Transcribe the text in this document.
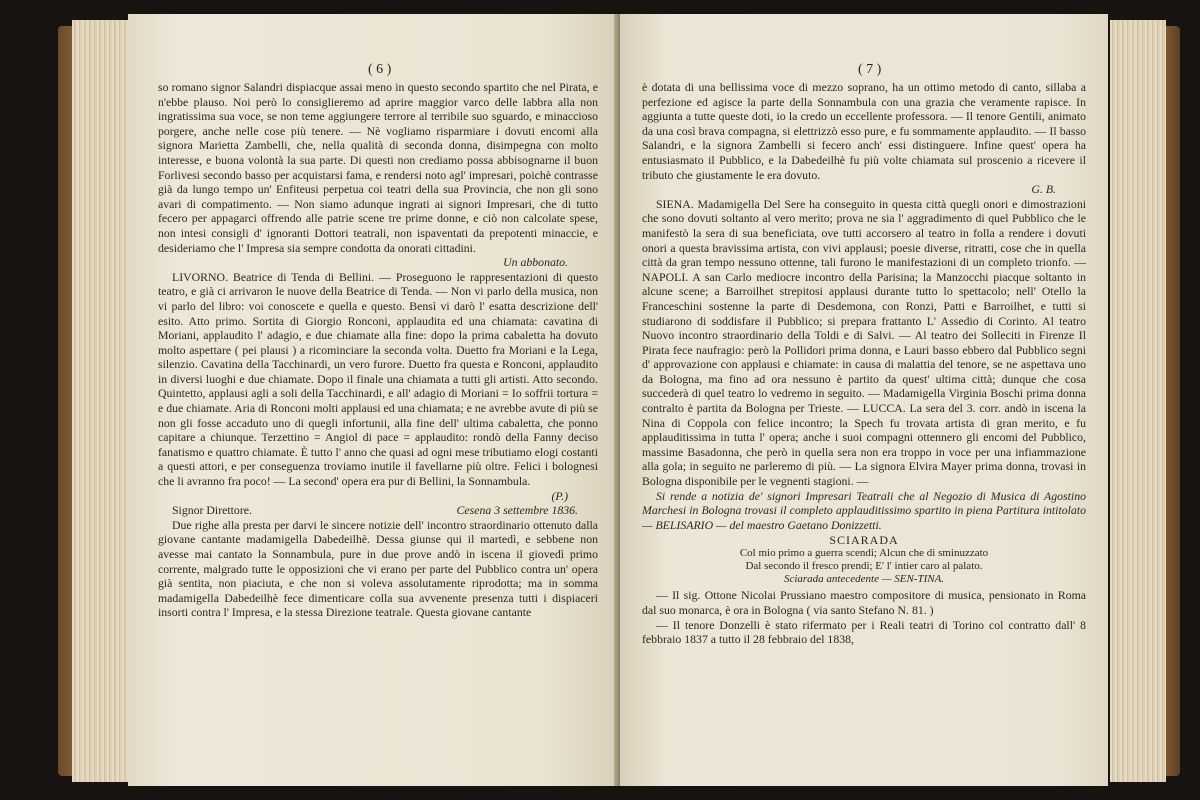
( 6 )

so romano signor Salandri dispiacque assai meno in questo secondo spartito che nel Pirata, e n'ebbe plauso. Noi però lo consiglieremo ad aprire maggior varco delle labbra alla non ingratissima sua voce, se non teme aggiungere terrore al terribile suo sguardo, e minaccioso porgere, anche nelle cose più tenere. — Nè vogliamo risparmiare i dovuti encomi alla signora Marietta Zambelli, che, nella qualità di seconda donna, disimpegna con molto interesse, e buona volontà la sua parte. Di questi non crediamo possa abbisognarne il buon Forlivesi secondo basso per acquistarsi fama, e rendersi noto agl' impresari, poichè contrasse già da lungo tempo un' Enfiteusi perpetua coi teatri della sua Provincia, che non gli sono avari di compatimento. — Non siamo adunque ingrati ai signori Impresari, che di tutto fecero per appagarci offrendo alle patrie scene tre prime donne, e ciò non calcolate spese, non intesi consigli d' ignoranti Dottori teatrali, non ispaventati da prepotenti minaccie, e desideriamo che l' Impresa sia sempre condotta da onorati cittadini.

Un abbonato.

LIVORNO. Beatrice di Tenda di Bellini. — Proseguono le rappresentazioni di questo teatro, e già ci arrivaron le nuove della Beatrice di Tenda. — Non vi parlo della musica, non vi parlo del libro: voi conoscete e quella e questo. Bensì vi darò l' esatta descrizione dell' esito. Atto primo. Sortita di Giorgio Ronconi, applaudita ed una chiamata: cavatina di Moriani, applaudito l' adagio, e due chiamate alla fine: dopo la prima cabaletta ha dovuto molto aspettare ( pei plausi ) a ricominciare la seconda volta. Duetto fra Moriani e la Lega, silenzio. Cavatina della Tacchinardi, un vero furore. Duetto fra questa e Ronconi, applaudito in diversi luoghi e due chiamate. Dopo il finale una chiamata a tutti gli artisti. Atto secondo. Quintetto, applausi agli a soli della Tacchinardi, e all' adagio di Moriani = Io soffrii tortura = e due chiamate. Aria di Ronconi molti applausi ed una chiamata; e ne avrebbe avute di più se non gli fosse accaduto uno di quegli infortunii, alla fine dell' ultima cabaletta, che ponno capitare a chiunque. Terzettino = Angiol di pace = applaudito: rondò della Fanny deciso fanatismo e quattro chiamate. È tutto l' anno che quasi ad ogni mese tributiamo elogi costanti a questi attori, e per conseguenza troviamo inutile il favellarne più oltre. Felici i bolognesi che li avranno fra poco! — La second' opera era pur di Bellini, la Sonnambula.

(P.)
Signor Direttore.	Cesena 3 settembre 1836.

Due righe alla presta per darvi le sincere notizie dell' incontro straordinario ottenuto dalla giovane cantante madamigella Dabedeilhè. Dessa giunse qui il martedì, e sebbene non avesse mai cantato la Sonnambula, pure in due prove andò in iscena il giovedì primo corrente, malgrado tutte le opposizioni che vi erano per parte del Pubblico contra un' opera già sentita, non piaciuta, e che non si voleva assolutamente riprodotta; ma in somma madamigella Dabedeilhè fece dimenticare colla sua avvenente presenza tutti i dispiaceri insorti contra l' Impresa, e la stessa Direzione teatrale. Questa giovane cantante

( 7 )

è dotata di una bellissima voce di mezzo soprano, ha un ottimo metodo di canto, sillaba a perfezione ed agisce la parte della Sonnambula con una grazia che veramente rapisce. In aggiunta a tutte queste doti, io la credo un eccellente professora. — Il tenore Gentili, animato da una così brava compagna, si elettrizzò esso pure, e fu sommamente applaudito. — Il basso Salandri, e la signora Zambelli si fecero anch' essi distinguere. Infine quest' opera ha entusiasmato il Pubblico, e la Dabedeilhè fu più volte chiamata sul proscenio a ricevere il tributo che giustamente le era dovuto.

G. B.

SIENA. Madamigella Del Sere ha conseguito in questa città quegli onori e dimostrazioni che sono dovuti soltanto al vero merito; prova ne sia l' aggradimento di quel Pubblico che le manifestò la sera di sua beneficiata, ove tutti accorsero al teatro in folla a rendere i dovuti onori a questa bravissima artista, con vivi applausi; poesie diverse, ritratti, cose che in quella città da gran tempo nessuno ottenne, tali furono le manifestazioni di un completo trionfo. — NAPOLI. A san Carlo mediocre incontro della Parisina; la Manzocchi piacque soltanto in alcune scene; a Barroilhet strepitosi applausi durante tutto lo spettacolo; nell' Otello la Franceschini sostenne la parte di Desdemona, con Ronzi, Patti e Barroilhet, e tutti si studiarono di soddisfare il Pubblico; si prepara frattanto L' Assedio di Corinto. Al teatro Nuovo incontro straordinario della Toldi e di Salvi. — Al teatro dei Solleciti in Firenze Il Pirata fece naufragio: però la Pollidori prima donna, e Lauri basso ebbero dal Pubblico segni d' approvazione con applausi e chiamate: in causa di malattia del tenore, se ne aspettava uno da Bologna, ma fino ad ora nessuno è partito da quest' ultima città; dunque che cosa succederà di quel teatro lo vedremo in seguito. — Madamigella Virginia Boschi prima donna contralto è partita da Bologna per Trieste. — LUCCA. La sera del 3. corr. andò in iscena la Nina di Coppola con felice incontro; la Spech fu trovata artista di gran merito, e fu applauditissima in tutta l' opera; anche i suoi compagni ottennero gli encomi del Pubblico, massime Basadonna, che però in quella sera non era troppo in voce per una infiammazione alla gola; in seguito ne parleremo di più. — La signora Elvira Mayer prima donna, trovasi in Bologna disponibile per le vegnenti stagioni. —

Si rende a notizia de' signori Impresari Teatrali che al Negozio di Musica di Agostino Marchesi in Bologna trovasi il completo applauditissimo spartito in piena Partitura intitolato — BELISARIO — del maestro Gaetano Donizzetti.

SCIARADA
Col mio primo a guerra scendi; Alcun che di sminuzzato
Dal secondo il fresco prendi; E' l' intier caro al palato.
Sciarada antecedente — SEN-TINA.

— Il sig. Ottone Nicolai Prussiano maestro compositore di musica, pensionato in Roma dal suo monarca, è ora in Bologna ( via santo Stefano N. 81. )

— Il tenore Donzelli è stato rifermato per i Reali teatri di Torino col contratto dall' 8 febbraio 1837 a tutto il 28 febbraio del 1838,
